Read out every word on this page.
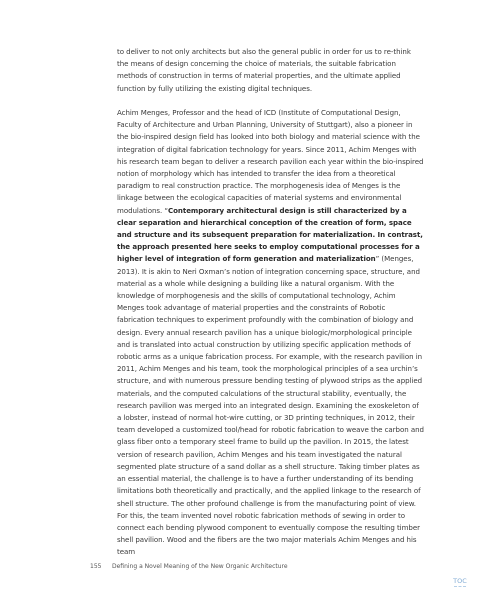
to deliver to not only architects but also the general public in order for us to re-think the means of design concerning the choice of materials, the suitable fabrication methods of construction in terms of material properties, and the ultimate applied function by fully utilizing the existing digital techniques.

Achim Menges, Professor and the head of ICD (Institute of Computational Design, Faculty of Architecture and Urban Planning, University of Stuttgart), also a pioneer in the bio-inspired design field has looked into both biology and material science with the integration of digital fabrication technology for years. Since 2011, Achim Menges with his research team began to deliver a research pavilion each year within the bio-inspired notion of morphology which has intended to transfer the idea from a theoretical paradigm to real construction practice. The morphogenesis idea of Menges is the linkage between the ecological capacities of material systems and environmental modulations. “Contemporary architectural design is still characterized by a clear separation and hierarchical conception of the creation of form, space and structure and its subsequent preparation for materialization. In contrast, the approach presented here seeks to employ computational processes for a higher level of integration of form generation and materialization” (Menges, 2013). It is akin to Neri Oxman’s notion of integration concerning space, structure, and material as a whole while designing a building like a natural organism. With the knowledge of morphogenesis and the skills of computational technology, Achim Menges took advantage of material properties and the constraints of Robotic fabrication techniques to experiment profoundly with the combination of biology and design. Every annual research pavilion has a unique biologic/morphological principle and is translated into actual construction by utilizing specific application methods of robotic arms as a unique fabrication process. For example, with the research pavilion in 2011, Achim Menges and his team, took the morphological principles of a sea urchin’s structure, and with numerous pressure bending testing of plywood strips as the applied materials, and the computed calculations of the structural stability, eventually, the research pavilion was merged into an integrated design. Examining the exoskeleton of a lobster, instead of normal hot-wire cutting, or 3D printing techniques, in 2012, their team developed a customized tool/head for robotic fabrication to weave the carbon and glass fiber onto a temporary steel frame to build up the pavilion. In 2015, the latest version of research pavilion, Achim Menges and his team investigated the natural segmented plate structure of a sand dollar as a shell structure. Taking timber plates as an essential material, the challenge is to have a further understanding of its bending limitations both theoretically and practically, and the applied linkage to the research of shell structure. The other profound challenge is from the manufacturing point of view. For this, the team invented novel robotic fabrication methods of sewing in order to connect each bending plywood component to eventually compose the resulting timber shell pavilion. Wood and the fibers are the two major materials Achim Menges and his team

155 Defining a Novel Meaning of the New Organic Architecture
TOC
